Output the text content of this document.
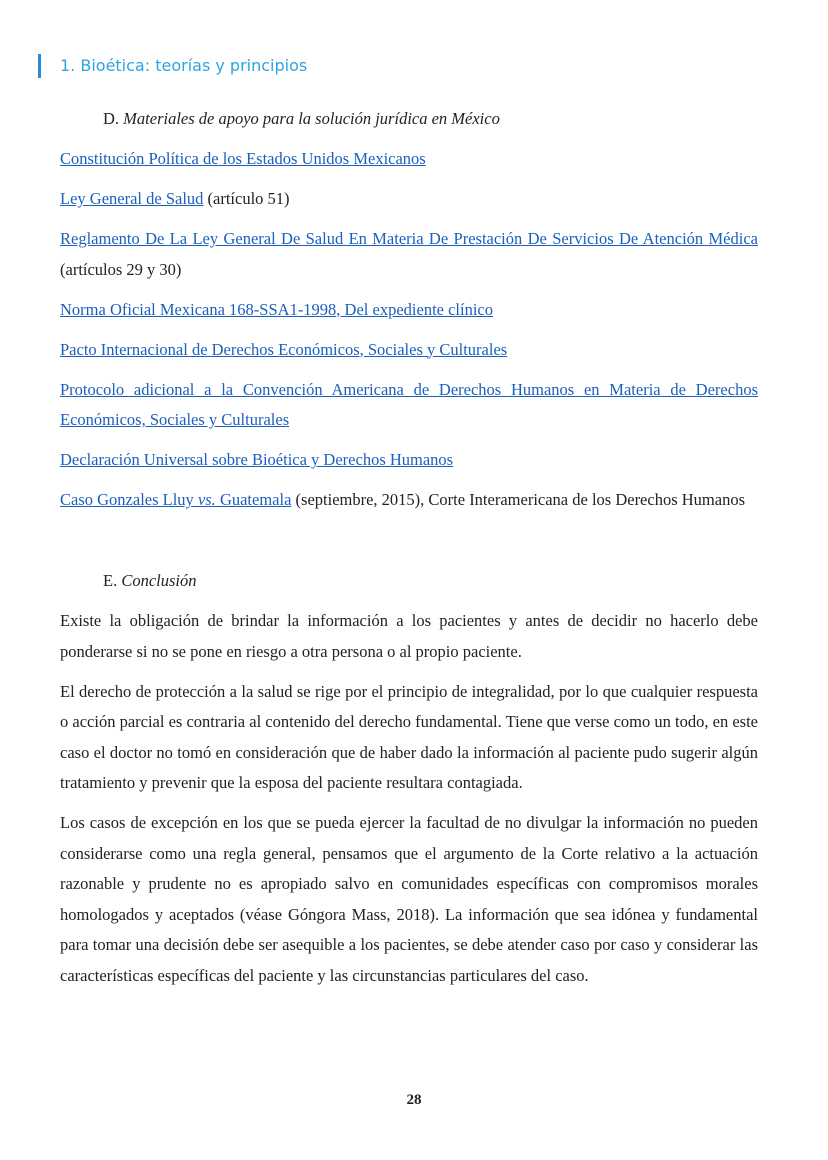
1. Bioética: teorías y principios

D. Materiales de apoyo para la solución jurídica en México

Constitución Política de los Estados Unidos Mexicanos

Ley General de Salud (artículo 51)

Reglamento De La Ley General De Salud En Materia De Prestación De Servicios De Atención Médica (artículos 29 y 30)

Norma Oficial Mexicana 168-SSA1-1998, Del expediente clínico

Pacto Internacional de Derechos Económicos, Sociales y Culturales

Protocolo adicional a la Convención Americana de Derechos Humanos en Materia de Derechos Económicos, Sociales y Culturales

Declaración Universal sobre Bioética y Derechos Humanos

Caso Gonzales Lluy vs. Guatemala (septiembre, 2015), Corte Interamericana de los Derechos Humanos

E. Conclusión

Existe la obligación de brindar la información a los pacientes y antes de decidir no hacerlo debe ponderarse si no se pone en riesgo a otra persona o al propio paciente.

El derecho de protección a la salud se rige por el principio de integralidad, por lo que cualquier respuesta o acción parcial es contraria al contenido del derecho fundamental. Tiene que verse como un todo, en este caso el doctor no tomó en consideración que de haber dado la información al paciente pudo sugerir algún tratamiento y prevenir que la esposa del paciente resultara contagiada.

Los casos de excepción en los que se pueda ejercer la facultad de no divulgar la información no pueden considerarse como una regla general, pensamos que el argumento de la Corte relativo a la actuación razonable y prudente no es apropiado salvo en comunidades específicas con compromisos morales homologados y aceptados (véase Góngora Mass, 2018). La información que sea idónea y fundamental para tomar una decisión debe ser asequible a los pacientes, se debe atender caso por caso y considerar las características específicas del paciente y las circunstancias particulares del caso.

28
